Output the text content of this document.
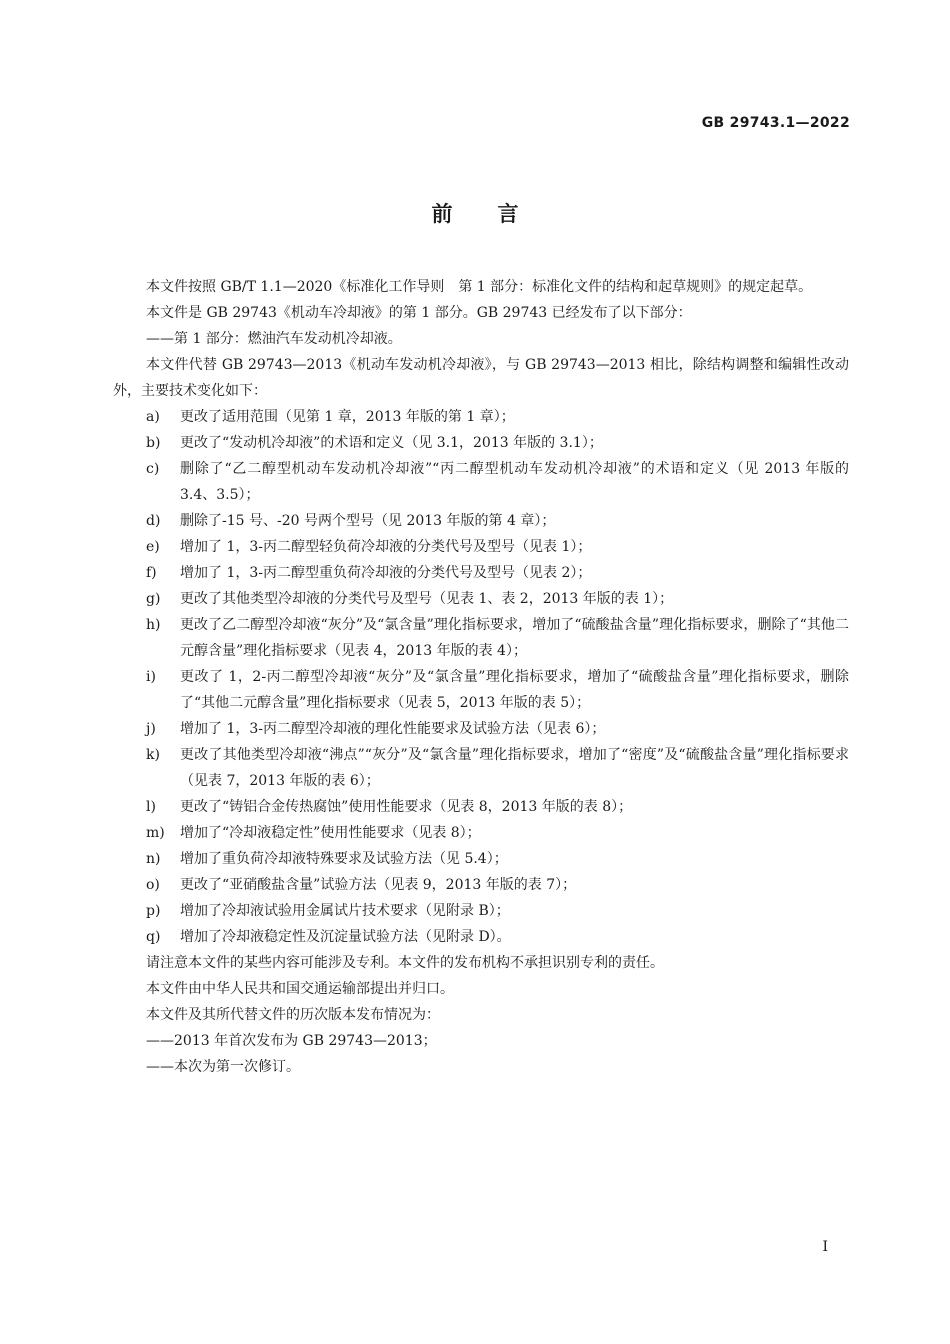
GB 29743.1—2022
前言

本文件按照 GB/T 1.1—2020《标准化工作导则　第 1 部分：标准化文件的结构和起草规则》的规定起草。

本文件是 GB 29743《机动车冷却液》的第 1 部分。GB 29743 已经发布了以下部分：

——第 1 部分：燃油汽车发动机冷却液。

本文件代替 GB 29743—2013《机动车发动机冷却液》，与 GB 29743—2013 相比，除结构调整和编辑性改动外，主要技术变化如下：

a)	更改了适用范围（见第 1 章，2013 年版的第 1 章）；
b)	更改了“发动机冷却液”的术语和定义（见 3.1，2013 年版的 3.1）；
c)	删除了“乙二醇型机动车发动机冷却液”“丙二醇型机动车发动机冷却液”的术语和定义（见 2013 年版的 3.4、3.5）；
d)	删除了-15 号、-20 号两个型号（见 2013 年版的第 4 章）；
e)	增加了 1，3-丙二醇型轻负荷冷却液的分类代号及型号（见表 1）；
f)	增加了 1，3-丙二醇型重负荷冷却液的分类代号及型号（见表 2）；
g)	更改了其他类型冷却液的分类代号及型号（见表 1、表 2，2013 年版的表 1）；
h)	更改了乙二醇型冷却液“灰分”及“氯含量”理化指标要求，增加了“硫酸盐含量”理化指标要求，删除了“其他二元醇含量”理化指标要求（见表 4，2013 年版的表 4）；
i)	更改了 1，2-丙二醇型冷却液“灰分”及“氯含量”理化指标要求，增加了“硫酸盐含量”理化指标要求，删除了“其他二元醇含量”理化指标要求（见表 5，2013 年版的表 5）；
j)	增加了 1，3-丙二醇型冷却液的理化性能要求及试验方法（见表 6）；
k)	更改了其他类型冷却液“沸点”“灰分”及“氯含量”理化指标要求，增加了“密度”及“硫酸盐含量”理化指标要求（见表 7，2013 年版的表 6）；
l)	更改了“铸铝合金传热腐蚀”使用性能要求（见表 8，2013 年版的表 8）；
m)	增加了“冷却液稳定性”使用性能要求（见表 8）；
n)	增加了重负荷冷却液特殊要求及试验方法（见 5.4）；
o)	更改了“亚硝酸盐含量”试验方法（见表 9，2013 年版的表 7）；
p)	增加了冷却液试验用金属试片技术要求（见附录 B）；
q)	增加了冷却液稳定性及沉淀量试验方法（见附录 D）。

请注意本文件的某些内容可能涉及专利。本文件的发布机构不承担识别专利的责任。

本文件由中华人民共和国交通运输部提出并归口。

本文件及其所代替文件的历次版本发布情况为：

——2013 年首次发布为 GB 29743—2013；

——本次为第一次修订。

Ⅰ
